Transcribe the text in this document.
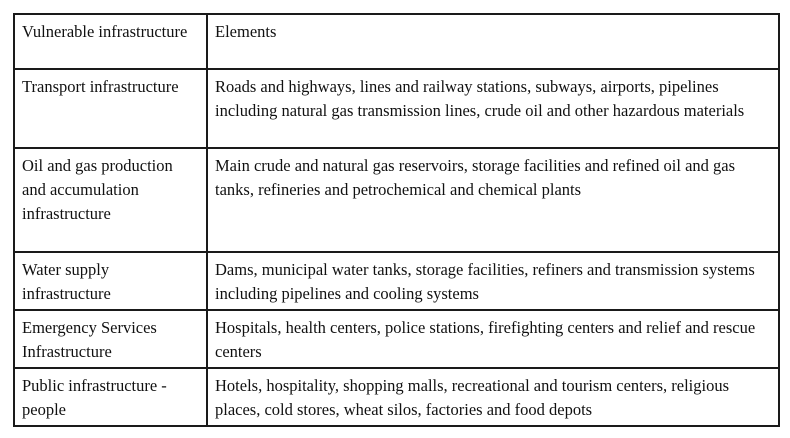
Vulnerable infrastructure	Elements
Transport infrastructure	Roads and highways, lines and railway stations, subways, airports, pipelines including natural gas transmission lines, crude oil and other hazardous materials
Oil and gas production and accumulation infrastructure	Main crude and natural gas reservoirs, storage facilities and refined oil and gas tanks, refineries and petrochemical and chemical plants
Water supply infrastructure	Dams, municipal water tanks, storage facilities, refiners and transmission systems including pipelines and cooling systems
Emergency Services Infrastructure	Hospitals, health centers, police stations, firefighting centers and relief and rescue centers
Public infrastructure - people	Hotels, hospitality, shopping malls, recreational and tourism centers, religious places, cold stores, wheat silos, factories and food depots
